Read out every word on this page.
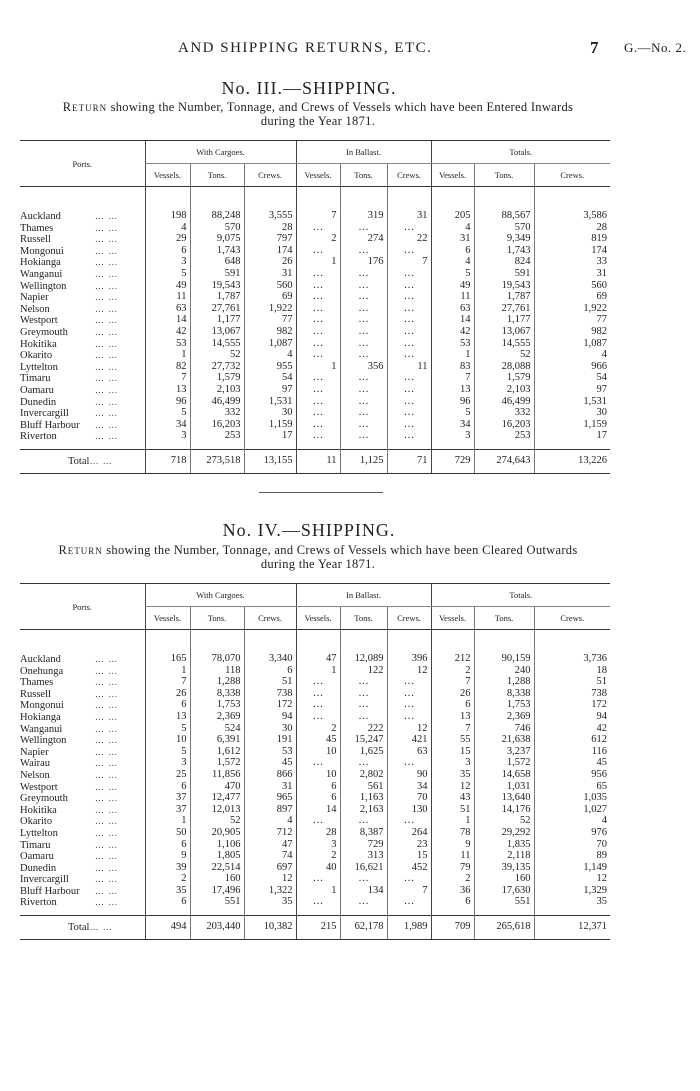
AND SHIPPING RETURNS, ETC.	7 G.—No. 2.
No. III.—SHIPPING.
Return showing the Number, Tonnage, and Crews of Vessels which have been Entered Inwards
during the Year 1871.
Ports.	With Cargoes.			In Ballast.			Totals.		
	Vessels.	Tons.	Crews.	Vessels.	Tons.	Crews.	Vessels.	Tons.	Crews.

Auckland … …	198	88,248	3,555	7	319	31	205	88,567	3,586
Thames … …	4	570	28	…	…	…	4	570	28
Russell … …	29	9,075	797	2	274	22	31	9,349	819
Mongonui … …	6	1,743	174	…	…	…	6	1,743	174
Hokianga … …	3	648	26	1	176	7	4	824	33
Wanganui … …	5	591	31	…	…	…	5	591	31
Wellington … …	49	19,543	560	…	…	…	49	19,543	560
Napier … …	11	1,787	69	…	…	…	11	1,787	69
Nelson … …	63	27,761	1,922	…	…	…	63	27,761	1,922
Westport … …	14	1,177	77	…	…	…	14	1,177	77
Greymouth … …	42	13,067	982	…	…	…	42	13,067	982
Hokitika … …	53	14,555	1,087	…	…	…	53	14,555	1,087
Okarito … …	1	52	4	…	…	…	1	52	4
Lyttelton … …	82	27,732	955	1	356	11	83	28,088	966
Timaru … …	7	1,579	54	…	…	…	7	1,579	54
Oamaru … …	13	2,103	97	…	…	…	13	2,103	97
Dunedin … …	96	46,499	1,531	…	…	…	96	46,499	1,531
Invercargill … …	5	332	30	…	…	…	5	332	30
Bluff Harbour … …	34	16,203	1,159	…	…	…	34	16,203	1,159
Riverton … …	3	253	17	…	…	…	3	253	17
Total… …	718	273,518	13,155	11	1,125	71	729	274,643	13,226
No. IV.—SHIPPING.
Return showing the Number, Tonnage, and Crews of Vessels which have been Cleared Outwards
during the Year 1871.
Ports.	With Cargoes.			In Ballast.			Totals.		
	Vessels.	Tons.	Crews.	Vessels.	Tons.	Crews.	Vessels.	Tons.	Crews.

Auckland … …	165	78,070	3,340	47	12,089	396	212	90,159	3,736
Onehunga … …	1	118	6	1	122	12	2	240	18
Thames … …	7	1,288	51	…	…	…	7	1,288	51
Russell … …	26	8,338	738	…	…	…	26	8,338	738
Mongonui … …	6	1,753	172	…	…	…	6	1,753	172
Hokianga … …	13	2,369	94	…	…	…	13	2,369	94
Wanganui … …	5	524	30	2	222	12	7	746	42
Wellington … …	10	6,391	191	45	15,247	421	55	21,638	612
Napier … …	5	1,612	53	10	1,625	63	15	3,237	116
Wairau … …	3	1,572	45	…	…	…	3	1,572	45
Nelson … …	25	11,856	866	10	2,802	90	35	14,658	956
Westport … …	6	470	31	6	561	34	12	1,031	65
Greymouth … …	37	12,477	965	6	1,163	70	43	13,640	1,035
Hokitika … …	37	12,013	897	14	2,163	130	51	14,176	1,027
Okarito … …	1	52	4	…	…	…	1	52	4
Lyttelton … …	50	20,905	712	28	8,387	264	78	29,292	976
Timaru … …	6	1,106	47	3	729	23	9	1,835	70
Oamaru … …	9	1,805	74	2	313	15	11	2,118	89
Dunedin … …	39	22,514	697	40	16,621	452	79	39,135	1,149
Invercargill … …	2	160	12	…	…	…	2	160	12
Bluff Harbour … …	35	17,496	1,322	1	134	7	36	17,630	1,329
Riverton … …	6	551	35	…	…	…	6	551	35
Total… …	494	203,440	10,382	215	62,178	1,989	709	265,618	12,371
